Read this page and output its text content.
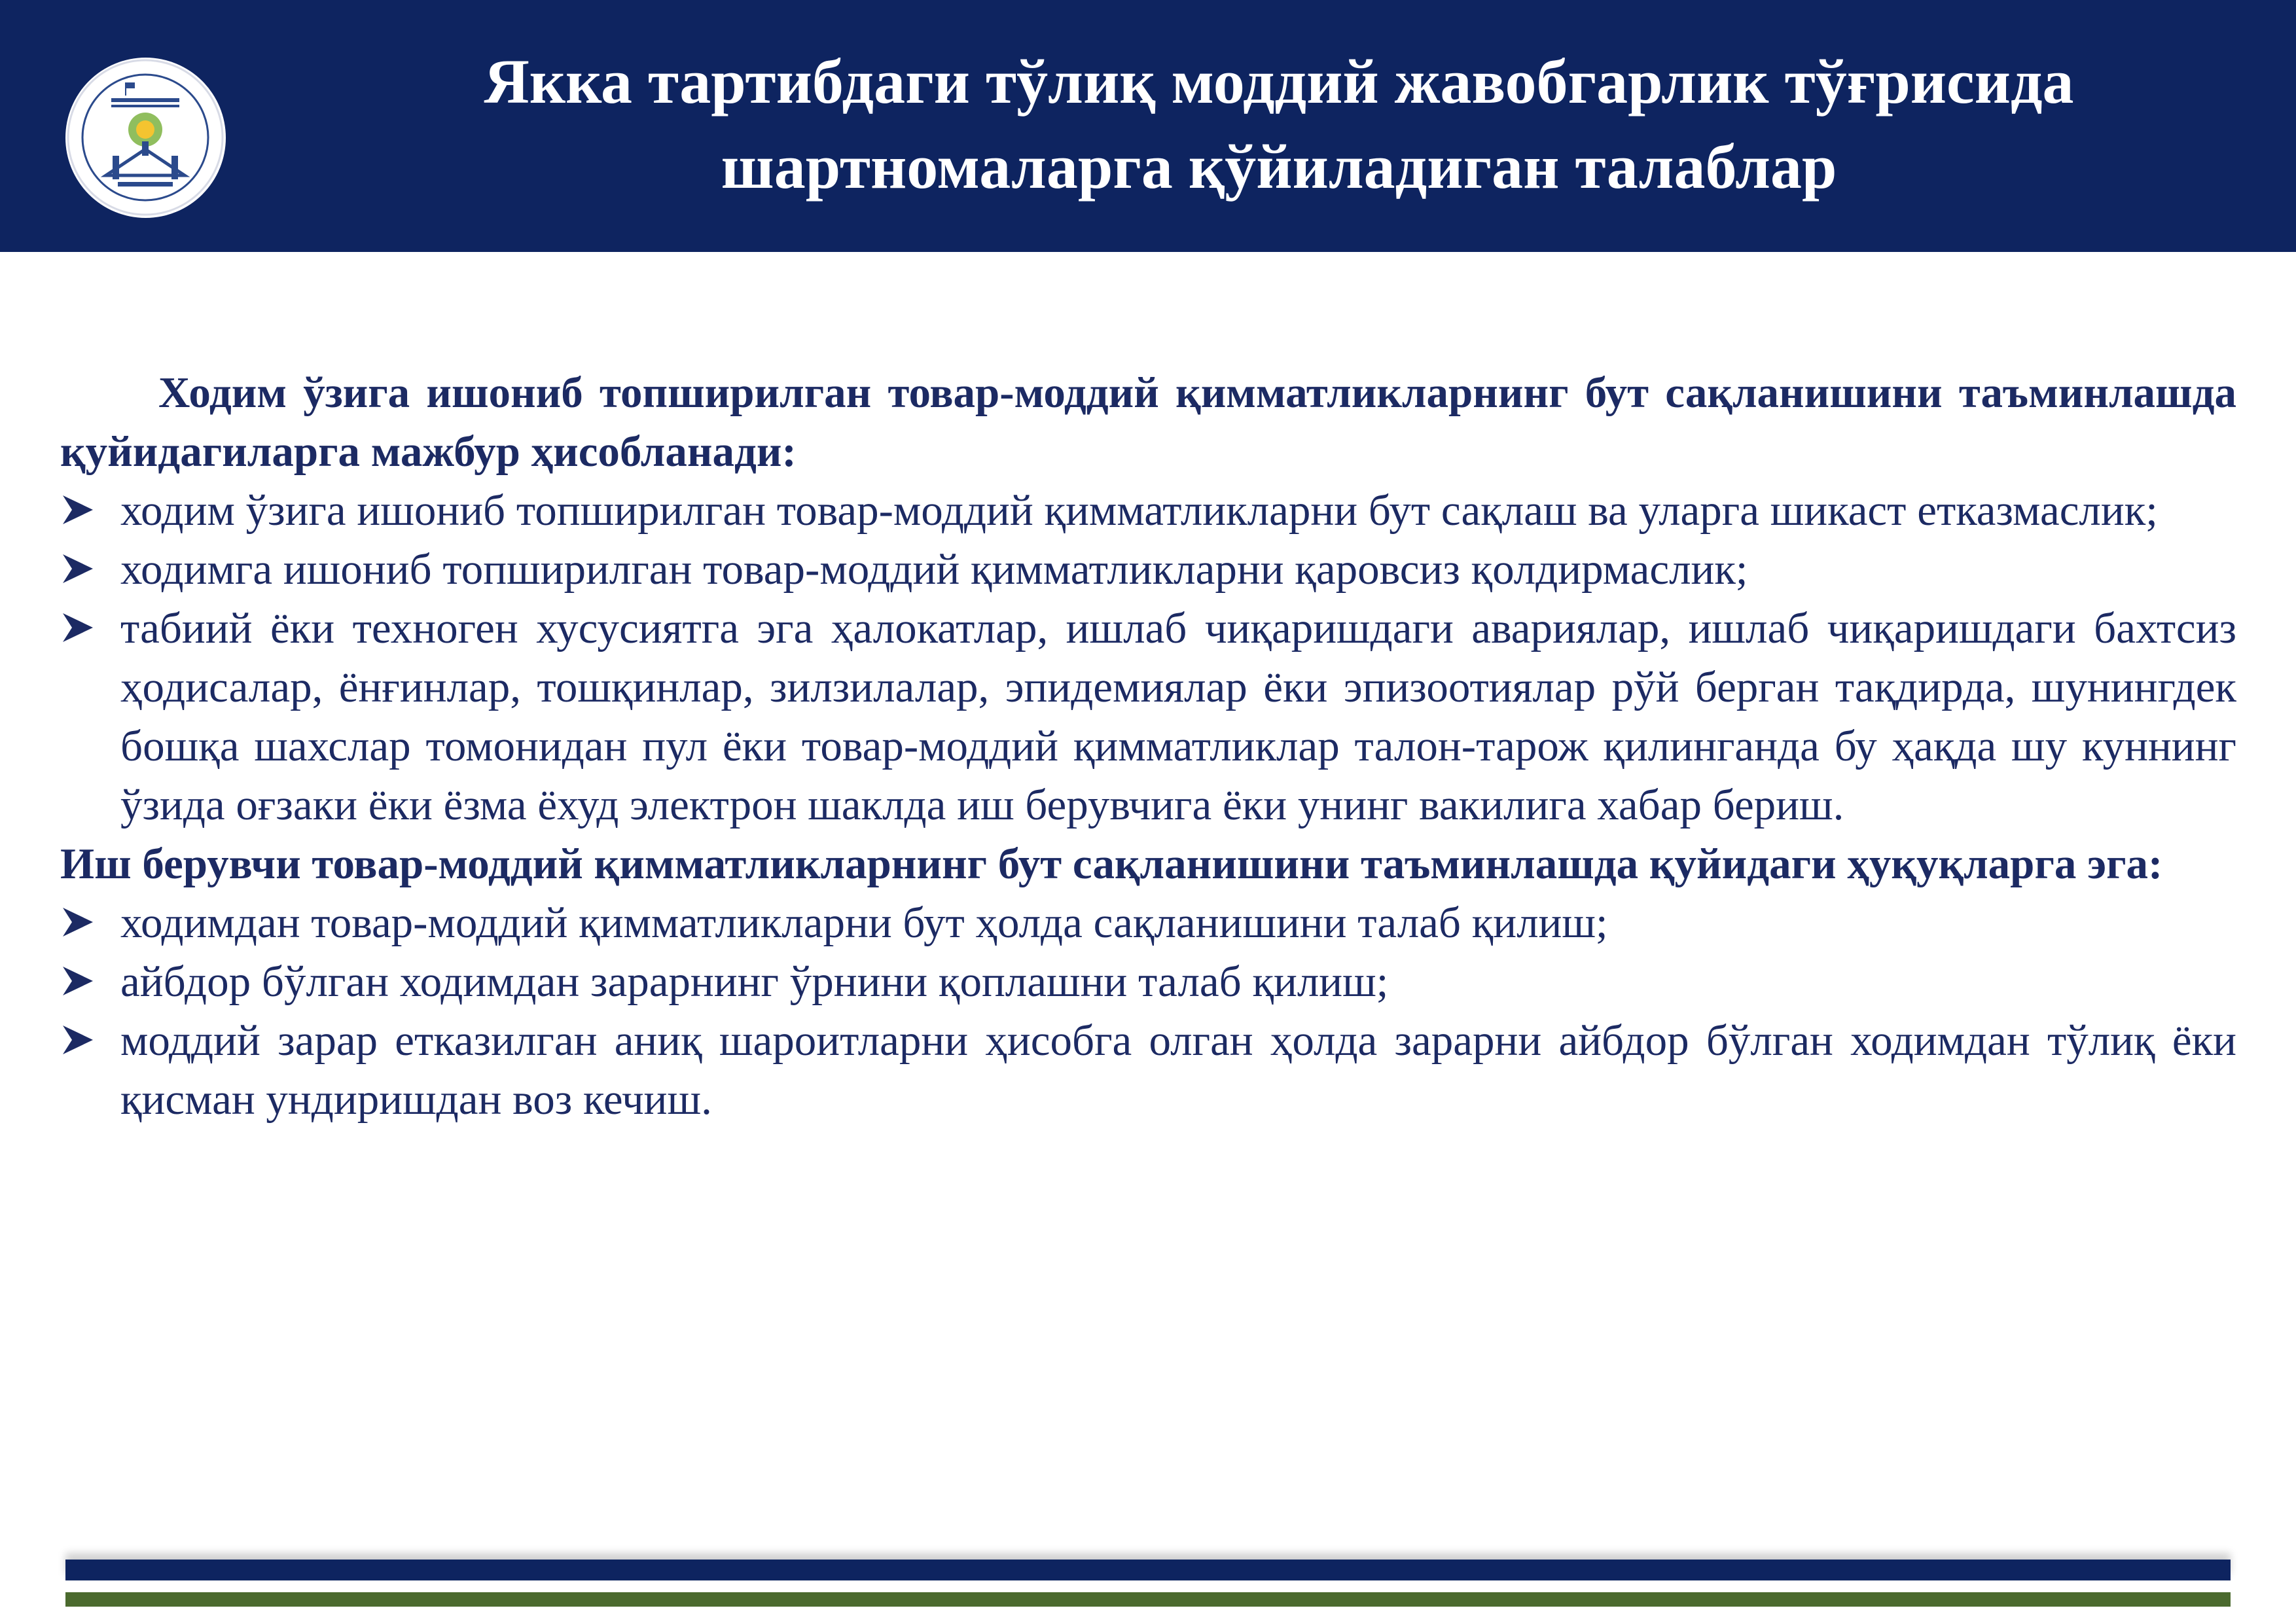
Якка тартибдаги тўлиқ моддий жавобгарлик тўғрисида
шартномаларга қўйиладиган талаблар

Ходим ўзига ишониб топширилган товар-моддий қимматликларнинг бут сақланишини таъминлашда қуйидагиларга мажбур ҳисобланади:

ходим ўзига ишониб топширилган товар-моддий қимматликларни бут сақлаш ва уларга шикаст етказмаслик;
ходимга ишониб топширилган товар-моддий қимматликларни қаровсиз қолдирмаслик;
табиий ёки техноген хусусиятга эга ҳалокатлар, ишлаб чиқаришдаги авариялар, ишлаб чиқаришдаги бахтсиз ҳодисалар, ёнғинлар, тошқинлар, зилзилалар, эпидемиялар ёки эпизоотиялар рўй берган тақдирда, шунингдек бошқа шахслар томонидан пул ёки товар-моддий қимматликлар талон-тарож қилинганда бу ҳақда шу куннинг ўзида оғзаки ёки ёзма ёхуд электрон шаклда иш берувчига ёки унинг вакилига хабар бериш.

Иш берувчи товар-моддий қимматликларнинг бут сақланишини таъминлашда қуйидаги ҳуқуқларга эга:

ходимдан товар-моддий қимматликларни бут ҳолда сақланишини талаб қилиш;
айбдор бўлган ходимдан зарарнинг ўрнини қоплашни талаб қилиш;
моддий зарар етказилган аниқ шароитларни ҳисобга олган ҳолда зарарни айбдор бўлган ходимдан тўлиқ ёки қисман ундиришдан воз кечиш.
